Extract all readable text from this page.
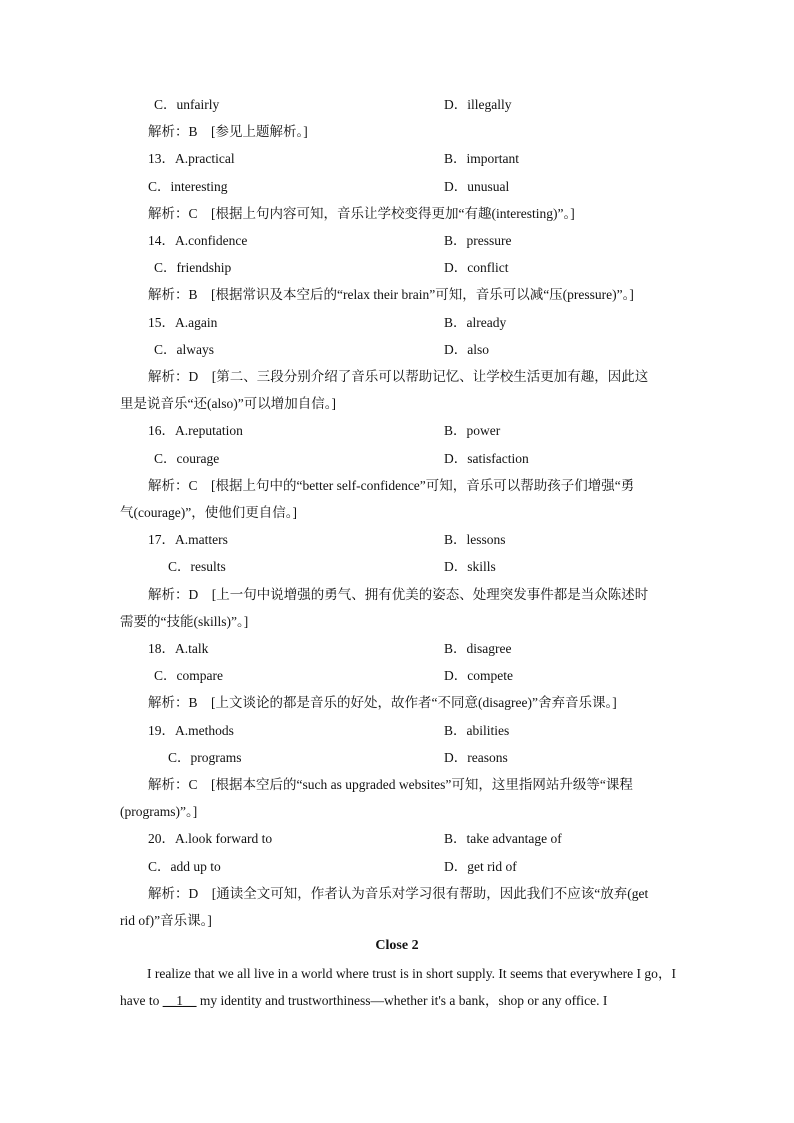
C．unfairly	D．illegally
解析：B　[参见上题解析。]
13．A.practical	B．important
C．interesting	D．unusual
解析：C　[根据上句内容可知，音乐让学校变得更加“有趣(interesting)”。]
14．A.confidence	B．pressure
C．friendship	D．conflict
解析：B　[根据常识及本空后的“relax their brain”可知，音乐可以减“压(pressure)”。]
15．A.again	B．already
C．always	D．also
解析：D　[第二、三段分别介绍了音乐可以帮助记忆、让学校生活更加有趣，因此这
里是说音乐“还(also)”可以增加自信。]
16．A.reputation	B．power
C．courage	D．satisfaction
解析：C　[根据上句中的“better self-confidence”可知，音乐可以帮助孩子们增强“勇
气(courage)”，使他们更自信。]
17．A.matters	B．lessons
C．results	D．skills
解析：D　[上一句中说增强的勇气、拥有优美的姿态、处理突发事件都是当众陈述时
需要的“技能(skills)”。]
18．A.talk	B．disagree
C．compare	D．compete
解析：B　[上文谈论的都是音乐的好处，故作者“不同意(disagree)”舍弃音乐课。]
19．A.methods	B．abilities
C．programs	D．reasons
解析：C　[根据本空后的“such as upgraded websites”可知，这里指网站升级等“课程
(programs)”。]
20．A.look forward to	B．take advantage of
C．add up to	D．get rid of
解析：D　[通读全文可知，作者认为音乐对学习很有帮助，因此我们不应该“放弃(get
rid of)”音乐课。]
Close 2
I realize that we all live in a world where trust is in short supply. It seems that everywhere I go，I have to __1__ my identity and trustworthiness—whether it's a bank，shop or any office. I
